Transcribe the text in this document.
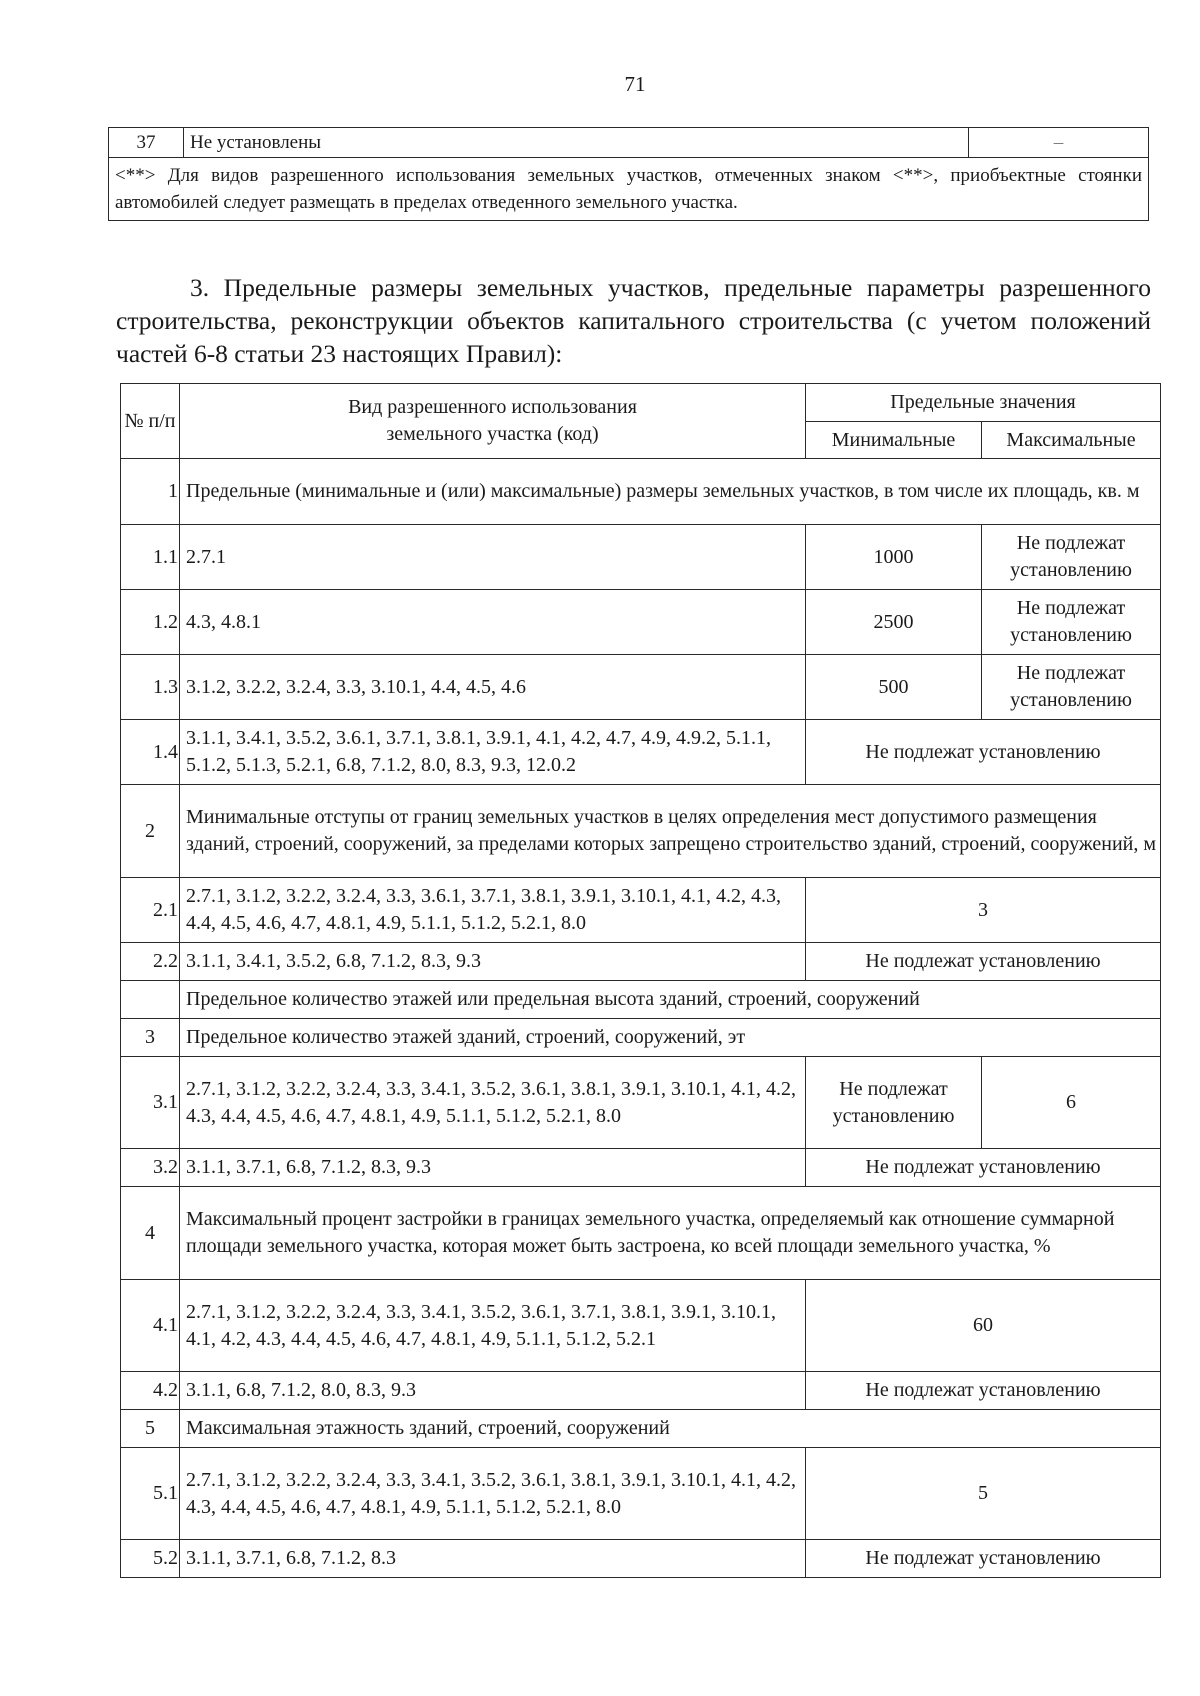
71
37	Не установлены	–
<**> Для видов разрешенного использования земельных участков, отмеченных знаком <**>, приобъектные стоянки автомобилей следует размещать в пределах отведенного земельного участка.

3. Предельные размеры земельных участков, предельные параметры разрешенного строительства, реконструкции объектов капитального строительства (с учетом положений частей 6-8 статьи 23 настоящих Правил):

№ п/п	Вид разрешенного использования земельного участка (код)	Предельные значения	
		Минимальные	Максимальные
1	Предельные (минимальные и (или) максимальные) размеры земельных участков, в том числе их площадь, кв. м		
1.1	2.7.1	1000	Не подлежат установлению
1.2	4.3, 4.8.1	2500	Не подлежат установлению
1.3	3.1.2, 3.2.2, 3.2.4, 3.3, 3.10.1, 4.4, 4.5, 4.6	500	Не подлежат установлению
1.4	3.1.1, 3.4.1, 3.5.2, 3.6.1, 3.7.1, 3.8.1, 3.9.1, 4.1, 4.2, 4.7, 4.9, 4.9.2, 5.1.1, 5.1.2, 5.1.3, 5.2.1, 6.8, 7.1.2, 8.0, 8.3, 9.3, 12.0.2	Не подлежат установлению	
2	Минимальные отступы от границ земельных участков в целях определения мест допустимого размещения зданий, строений, сооружений, за пределами которых запрещено строительство зданий, строений, сооружений, м		
2.1	2.7.1, 3.1.2, 3.2.2, 3.2.4, 3.3, 3.6.1, 3.7.1, 3.8.1, 3.9.1, 3.10.1, 4.1, 4.2, 4.3, 4.4, 4.5, 4.6, 4.7, 4.8.1, 4.9, 5.1.1, 5.1.2, 5.2.1, 8.0	3	
2.2	3.1.1, 3.4.1, 3.5.2, 6.8, 7.1.2, 8.3, 9.3	Не подлежат установлению	
	Предельное количество этажей или предельная высота зданий, строений, сооружений		
3	Предельное количество этажей зданий, строений, сооружений, эт		
3.1	2.7.1, 3.1.2, 3.2.2, 3.2.4, 3.3, 3.4.1, 3.5.2, 3.6.1, 3.8.1, 3.9.1, 3.10.1, 4.1, 4.2, 4.3, 4.4, 4.5, 4.6, 4.7, 4.8.1, 4.9, 5.1.1, 5.1.2, 5.2.1, 8.0	Не подлежат установлению	6
3.2	3.1.1, 3.7.1, 6.8, 7.1.2, 8.3, 9.3	Не подлежат установлению	
4	Максимальный процент застройки в границах земельного участка, определяемый как отношение суммарной площади земельного участка, которая может быть застроена, ко всей площади земельного участка, %		
4.1	2.7.1, 3.1.2, 3.2.2, 3.2.4, 3.3, 3.4.1, 3.5.2, 3.6.1, 3.7.1, 3.8.1, 3.9.1, 3.10.1, 4.1, 4.2, 4.3, 4.4, 4.5, 4.6, 4.7, 4.8.1, 4.9, 5.1.1, 5.1.2, 5.2.1	60	
4.2	3.1.1, 6.8, 7.1.2, 8.0, 8.3, 9.3	Не подлежат установлению	
5	Максимальная этажность зданий, строений, сооружений		
5.1	2.7.1, 3.1.2, 3.2.2, 3.2.4, 3.3, 3.4.1, 3.5.2, 3.6.1, 3.8.1, 3.9.1, 3.10.1, 4.1, 4.2, 4.3, 4.4, 4.5, 4.6, 4.7, 4.8.1, 4.9, 5.1.1, 5.1.2, 5.2.1, 8.0	5	
5.2	3.1.1, 3.7.1, 6.8, 7.1.2, 8.3	Не подлежат установлению	
